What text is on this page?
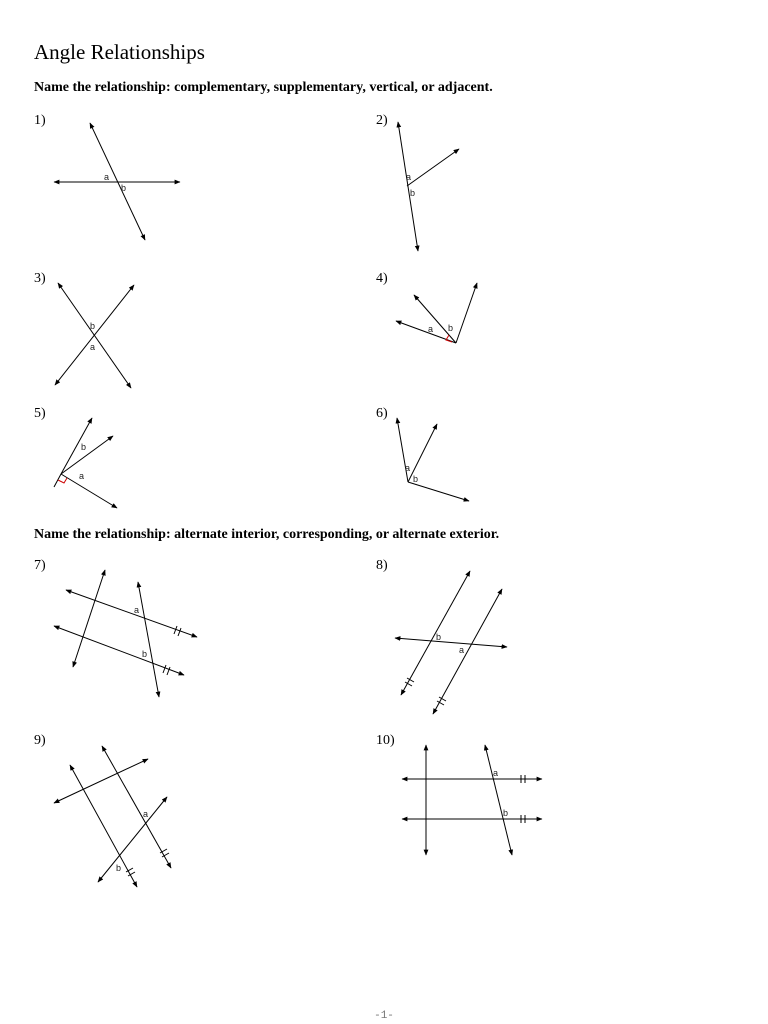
Angle Relationships

Name the relationship: complementary, supplementary, vertical, or adjacent.

Name the relationship: alternate interior, corresponding, or alternate exterior.

1)
a
b
2)
a
b
3)
b
a
4)
a b
5)
b
a
6)
a
b
7)
a
b
8)
b
a
9)
a
b
10)
a
b
-1-
